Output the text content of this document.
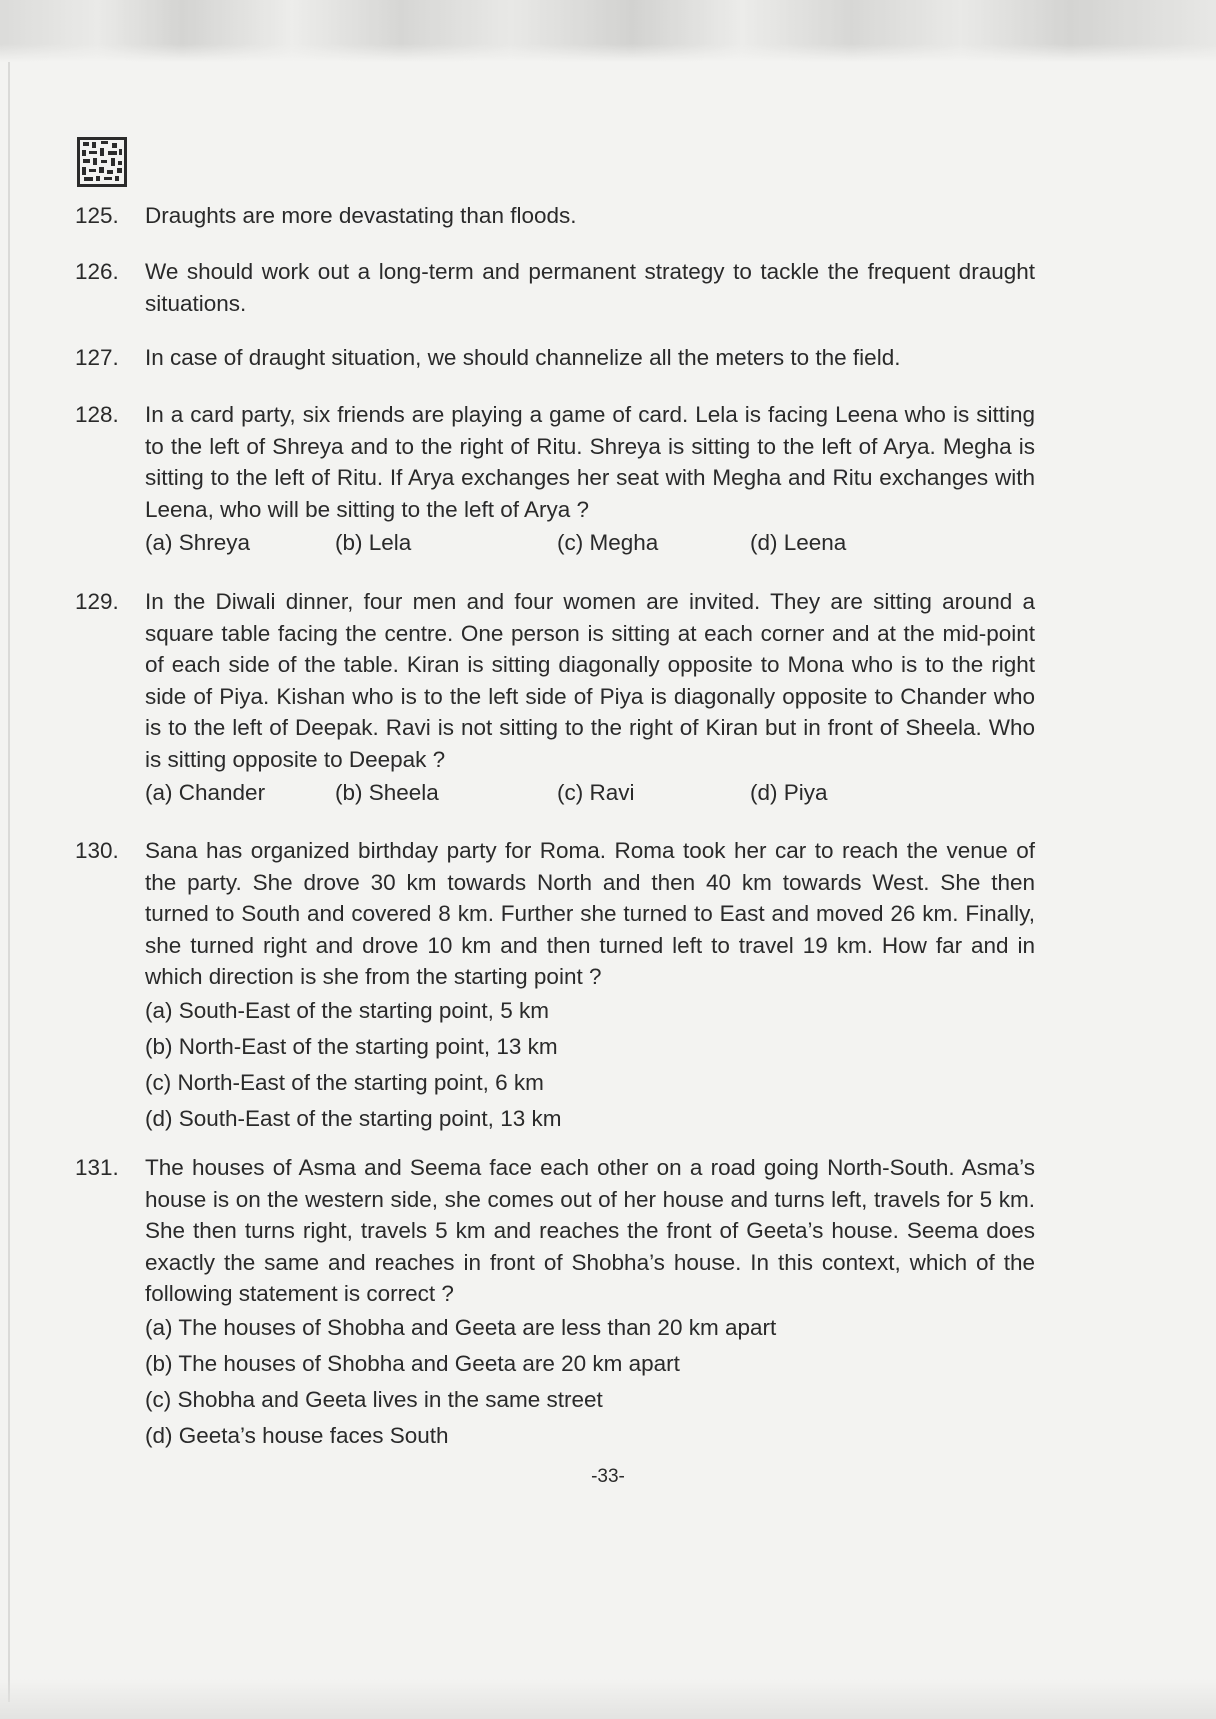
125.	Draughts are more devastating than floods.
126.	We should work out a long-term and permanent strategy to tackle the frequent draught situations.
127.	In case of draught situation, we should channelize all the meters to the field.
128.	In a card party, six friends are playing a game of card. Lela is facing Leena who is sitting to the left of Shreya and to the right of Ritu. Shreya is sitting to the left of Arya. Megha is sitting to the left of Ritu. If Arya exchanges her seat with Megha and Ritu exchanges with Leena, who will be sitting to the left of Arya ?
(a) Shreya	(b) Lela	(c) Megha	(d) Leena
129.	In the Diwali dinner, four men and four women are invited. They are sitting around a square table facing the centre. One person is sitting at each corner and at the mid-point of each side of the table. Kiran is sitting diagonally opposite to Mona who is to the right side of Piya. Kishan who is to the left side of Piya is diagonally opposite to Chander who is to the left of Deepak. Ravi is not sitting to the right of Kiran but in front of Sheela. Who is sitting opposite to Deepak ?
(a) Chander	(b) Sheela	(c) Ravi	(d) Piya
130.	Sana has organized birthday party for Roma. Roma took her car to reach the venue of the party. She drove 30 km towards North and then 40 km towards West. She then turned to South and covered 8 km. Further she turned to East and moved 26 km. Finally, she turned right and drove 10 km and then turned left to travel 19 km. How far and in which direction is she from the starting point ?
(a) South-East of the starting point, 5 km
(b) North-East of the starting point, 13 km
(c) North-East of the starting point, 6 km
(d) South-East of the starting point, 13 km
131.	The houses of Asma and Seema face each other on a road going North-South. Asma’s house is on the western side, she comes out of her house and turns left, travels for 5 km. She then turns right, travels 5 km and reaches the front of Geeta’s house. Seema does exactly the same and reaches in front of Shobha’s house. In this context, which of the following statement is correct ?
(a) The houses of Shobha and Geeta are less than 20 km apart
(b) The houses of Shobha and Geeta are 20 km apart
(c) Shobha and Geeta lives in the same street
(d) Geeta’s house faces South
-33-
